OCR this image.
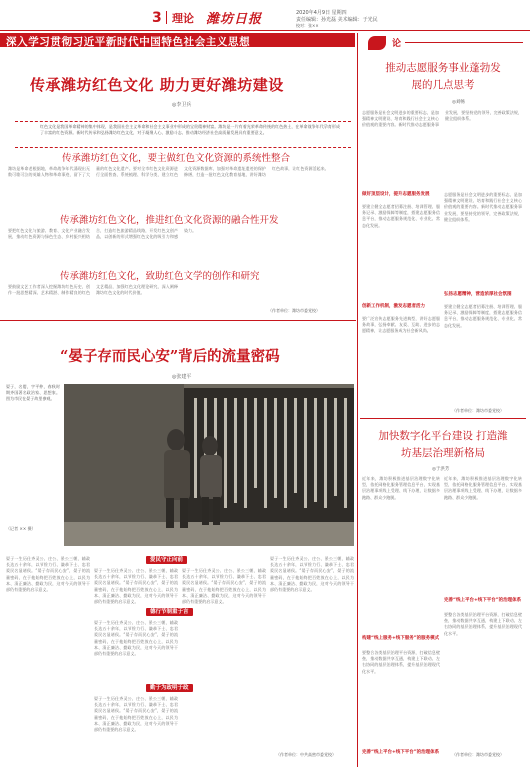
3 理论 潍坊日报	2020年4月9日 星期四
责任编辑：孙光磊 美术编辑：于光民
校对：张××
深入学习贯彻习近平新时代中国特色社会主义思想
传承潍坊红色文化 助力更好潍坊建设
◎李卫兵
红色文化是我国革命精神的集中体现，是我国社会主义革命和社会主义事业中形成的宝贵精神财富。潍坊是一片有着光荣革命传统的红色热土，在革命战争年代孕育形成了丰富的红色资源。新时代传承和弘扬潍坊红色文化，对于凝聚人心、激励斗志、推动潍坊经济社会高质量发展具有重要意义。
传承潍坊红色文化，要主做红色文化资源的系统性整合
潍坊是革命老根据地，革命战争年代涌现出无数可歌可泣的英雄人物和革命事迹，留下了大量的红色文化遗产。要对全市红色文化资源进行全面普查、系统梳理、科学分类，建立红色文化资源数据库，加强对革命遗址遗迹的保护修缮，打造一批红色文化教育基地，讲好潍坊红色故事，让红色资源活起来。
传承潍坊红色文化，推进红色文化资源的融合性开发
要把红色文化与旅游、教育、文化产业融合发展，推动红色资源与绿色生态、乡村振兴相结合，打造红色旅游精品线路，开发红色文创产品，以创新的形式增强红色文化的吸引力和感染力。
传承潍坊红色文化，致助红色文学的创作和研究
要鼓励文艺工作者深入挖掘潍坊红色历史，创作一批思想精深、艺术精湛、制作精良的红色文艺精品，加强红色文化理论研究，深入阐释潍坊红色文化的时代价值。
（作者单位：潍坊市委党校）
“晏子存而民心安”背后的流量密码
◎张建平
晏子，名婴，字平仲，春秋时期齐国著名政治家、思想家。图为市民在晏子故里参观。
（记者 ×× 摄）
晏子一生历仕齐灵公、庄公、景公三朝，辅政长达五十余年，以节俭力行、谦恭下士、忠君爱民名显诸侯。“晏子存而民心安”，晏子的流量密码，在于他始终把百姓放在心上，以民为本、清正廉洁、勤政为民，这对今天的领导干部仍有重要的启示意义。
爱民守正向前
晏子一生历仕齐灵公、庄公、景公三朝，辅政长达五十余年，以节俭力行、谦恭下士、忠君爱民名显诸侯。“晏子存而民心安”，晏子的流量密码，在于他始终把百姓放在心上，以民为本、清正廉洁、勤政为民，这对今天的领导干部仍有重要的启示意义。
德行节制重于言
晏子一生历仕齐灵公、庄公、景公三朝，辅政长达五十余年，以节俭力行、谦恭下士、忠君爱民名显诸侯。“晏子存而民心安”，晏子的流量密码，在于他始终把百姓放在心上，以民为本、清正廉洁、勤政为民，这对今天的领导干部仍有重要的启示意义。
勤于为政明于政
晏子一生历仕齐灵公、庄公、景公三朝，辅政长达五十余年，以节俭力行、谦恭下士、忠君爱民名显诸侯。“晏子存而民心安”，晏子的流量密码，在于他始终把百姓放在心上，以民为本、清正廉洁、勤政为民，这对今天的领导干部仍有重要的启示意义。
晏子一生历仕齐灵公、庄公、景公三朝，辅政长达五十余年，以节俭力行、谦恭下士、忠君爱民名显诸侯。“晏子存而民心安”，晏子的流量密码，在于他始终把百姓放在心上，以民为本、清正廉洁、勤政为民，这对今天的领导干部仍有重要的启示意义。
晏子一生历仕齐灵公、庄公、景公三朝，辅政长达五十余年，以节俭力行、谦恭下士、忠君爱民名显诸侯。“晏子存而民心安”，晏子的流量密码，在于他始终把百姓放在心上，以民为本、清正廉洁、勤政为民，这对今天的领导干部仍有重要的启示意义。
（作者单位：中共高密市委党校）
论
推动志愿服务事业蓬勃发展的几点思考
◎刘畅
志愿服务是社会文明进步的重要标志，是加强精神文明建设、培育和践行社会主义核心价值观的重要内容。新时代推动志愿服务事业发展，要坚持党的领导，完善政策法规，健全组织体系。
做好顶层设计，提升志愿服务发展
要建立健全志愿者招募注册、培训管理、服务记录、激励保障等制度，搭建志愿服务信息平台，推动志愿服务规范化、专业化、常态化发展。
创新工作机制，激发志愿者活力
要广泛宣传志愿服务先进典型，讲好志愿服务故事，弘扬奉献、友爱、互助、进步的志愿精神，让志愿服务成为社会新风尚。
志愿服务是社会文明进步的重要标志，是加强精神文明建设、培育和践行社会主义核心价值观的重要内容。新时代推动志愿服务事业发展，要坚持党的领导，完善政策法规，健全组织体系。
弘扬志愿精神，营造浓厚社会氛围
要建立健全志愿者招募注册、培训管理、服务记录、激励保障等制度，搭建志愿服务信息平台，推动志愿服务规范化、专业化、常态化发展。
（作者单位：潍坊市委党校）
加快数字化平台建设 打造潍坊基层治理新格局
◎于洪芳
近年来，潍坊积极推进基层治理数字化转型，依托网格化服务管理信息平台，实现基层治理事项线上受理、线下办理，让数据多跑路、群众少跑腿。
构建“线上服务+线下服务”的服务模式
要整合各类基层治理平台资源，打破信息壁垒，推动数据共享互通，构建上下联动、左右协同的基层治理体系，提升基层治理现代化水平。
完善“线上平台+线下平台”的治理体系
近年来，潍坊积极推进基层治理数字化转型，依托网格化服务管理信息平台，实现基层治理事项线上受理、线下办理，让数据多跑路、群众少跑腿。
完善“线上平台+线下平台”的治理体系
要整合各类基层治理平台资源，打破信息壁垒，推动数据共享互通，构建上下联动、左右协同的基层治理体系，提升基层治理现代化水平。
（作者单位：潍坊市委党校）
